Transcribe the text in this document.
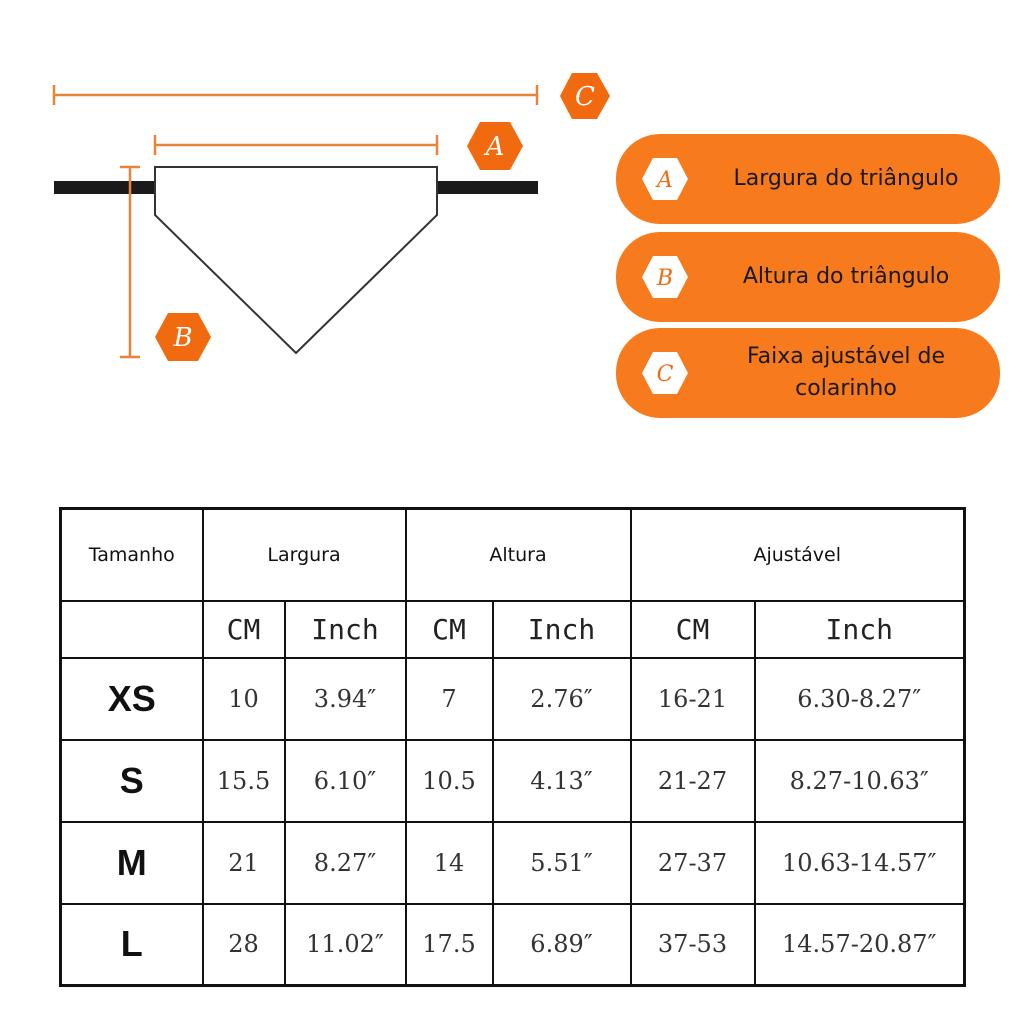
C
A
B
A	Largura do triângulo
B	Altura do triângulo
C
Faixa ajustável de colarinho
Tamanho	Largura		Altura		Ajustável	
	CM	Inch	CM	Inch	CM	Inch
XS	10	3.94″	7	2.76″	16-21	6.30-8.27″
S	15.5	6.10″	10.5	4.13″	21-27	8.27-10.63″
M	21	8.27″	14	5.51″	27-37	10.63-14.57″
L	28	11.02″	17.5	6.89″	37-53	14.57-20.87″
